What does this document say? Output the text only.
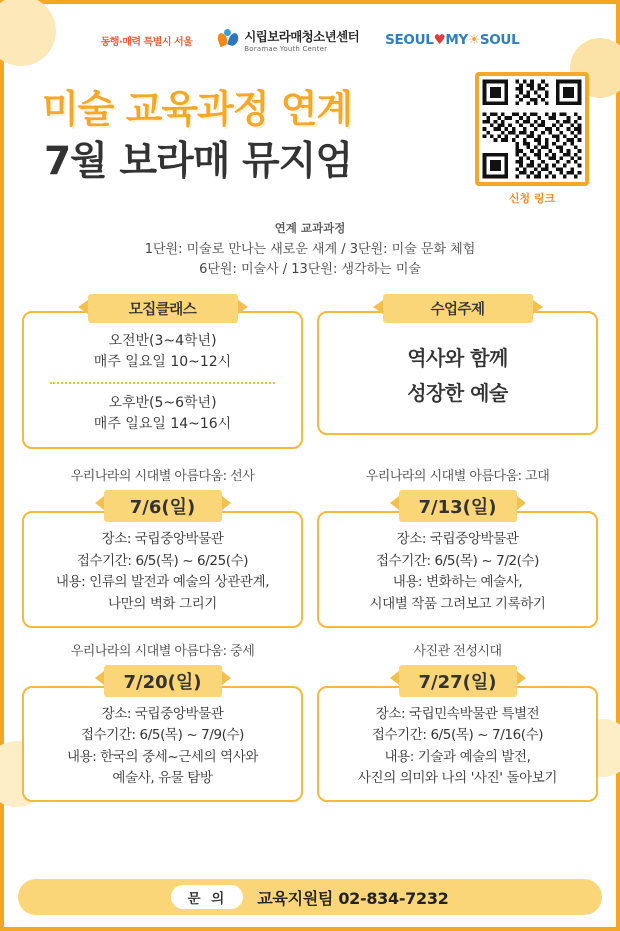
동행·매력 특별시 서울	시립보라매청소년센터
Boramae Youth Center
SEOUL♥MY☀SOUL
미술 교육과정 연계
7월 보라매 뮤지엄
신청 링크
연계 교과과정
1단원: 미술로 만나는 새로운 새계 / 3단원: 미술 문화 체험
6단원: 미술사 / 13단원: 생각하는 미술
모집클래스
오전반(3~4학년)
매주 일요일 10~12시
오후반(5~6학년)
매주 일요일 14~16시
수업주제
역사와 함께
성장한 예술
우리나라의 시대별 아름다움: 선사
7/6(일)
장소: 국립중앙박물관
접수기간: 6/5(목) ~ 6/25(수)
내용: 인류의 발전과 예술의 상관관계,
나만의 벽화 그리기
우리나라의 시대별 아름다움: 고대
7/13(일)
장소: 국립중앙박물관
접수기간: 6/5(목) ~ 7/2(수)
내용: 변화하는 예술사,
시대별 작품 그려보고 기록하기
우리나라의 시대별 아름다움: 중세
7/20(일)
장소: 국립중앙박물관
접수기간: 6/5(목) ~ 7/9(수)
내용: 한국의 중세~근세의 역사와
예술사, 유물 탐방
사진관 전성시대
7/27(일)
장소: 국립민속박물관 특별전
접수기간: 6/5(목) ~ 7/16(수)
내용: 기술과 예술의 발전,
사진의 의미와 나의 '사진' 돌아보기
문 의	교육지원팀 02-834-7232
